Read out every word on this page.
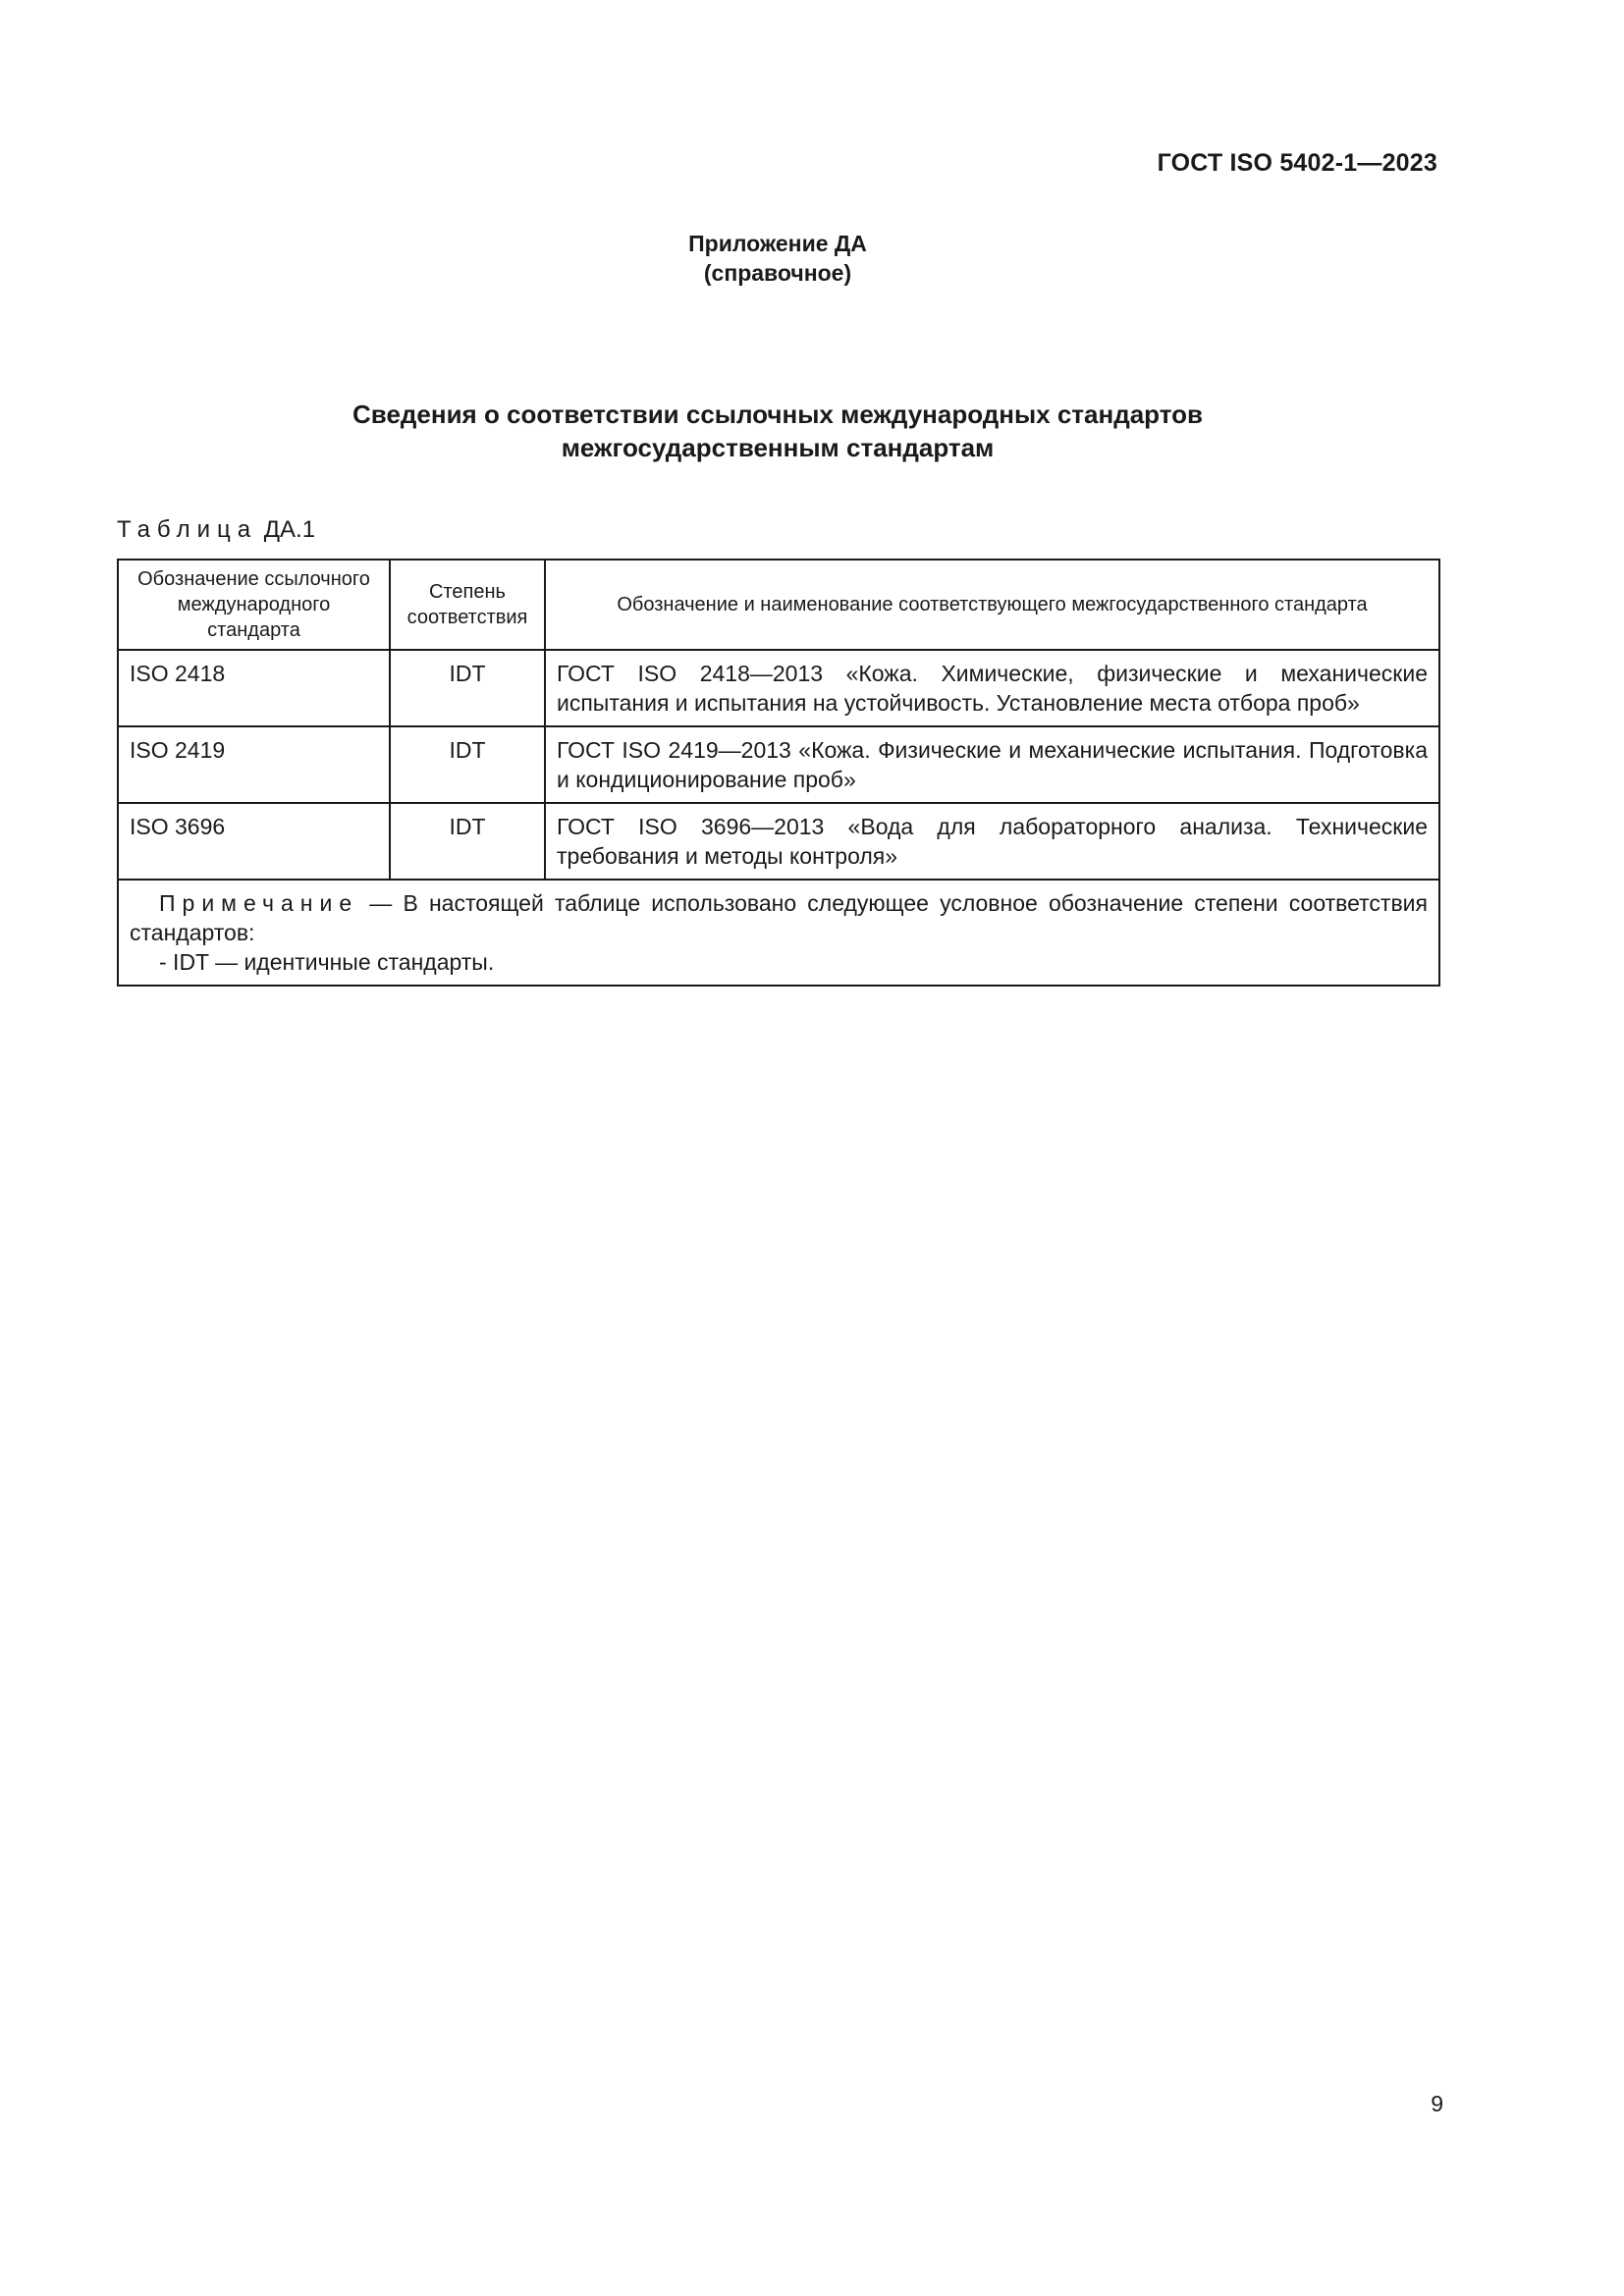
ГОСТ ISO 5402-1—2023
Приложение ДА
(справочное)
Сведения о соответствии ссылочных международных стандартов
межгосударственным стандартам
Таблица ДА.1
Обозначение ссылочного международного стандарта	Степень соответствия	Обозначение и наименование соответствующего межгосударственного стандарта
ISO 2418	IDT	ГОСТ ISO 2418—2013 «Кожа. Химические, физические и механические испытания и испытания на устойчивость. Установление места отбора проб»
ISO 2419	IDT	ГОСТ ISO 2419—2013 «Кожа. Физические и механические испытания. Подготовка и кондиционирование проб»
ISO 3696	IDT	ГОСТ ISO 3696—2013 «Вода для лабораторного анализа. Технические требования и методы контроля»

Примечание — В настоящей таблице использовано следующее условное обозначение степени соответствия стандартов:
- IDT — идентичные стандарты.		
9
